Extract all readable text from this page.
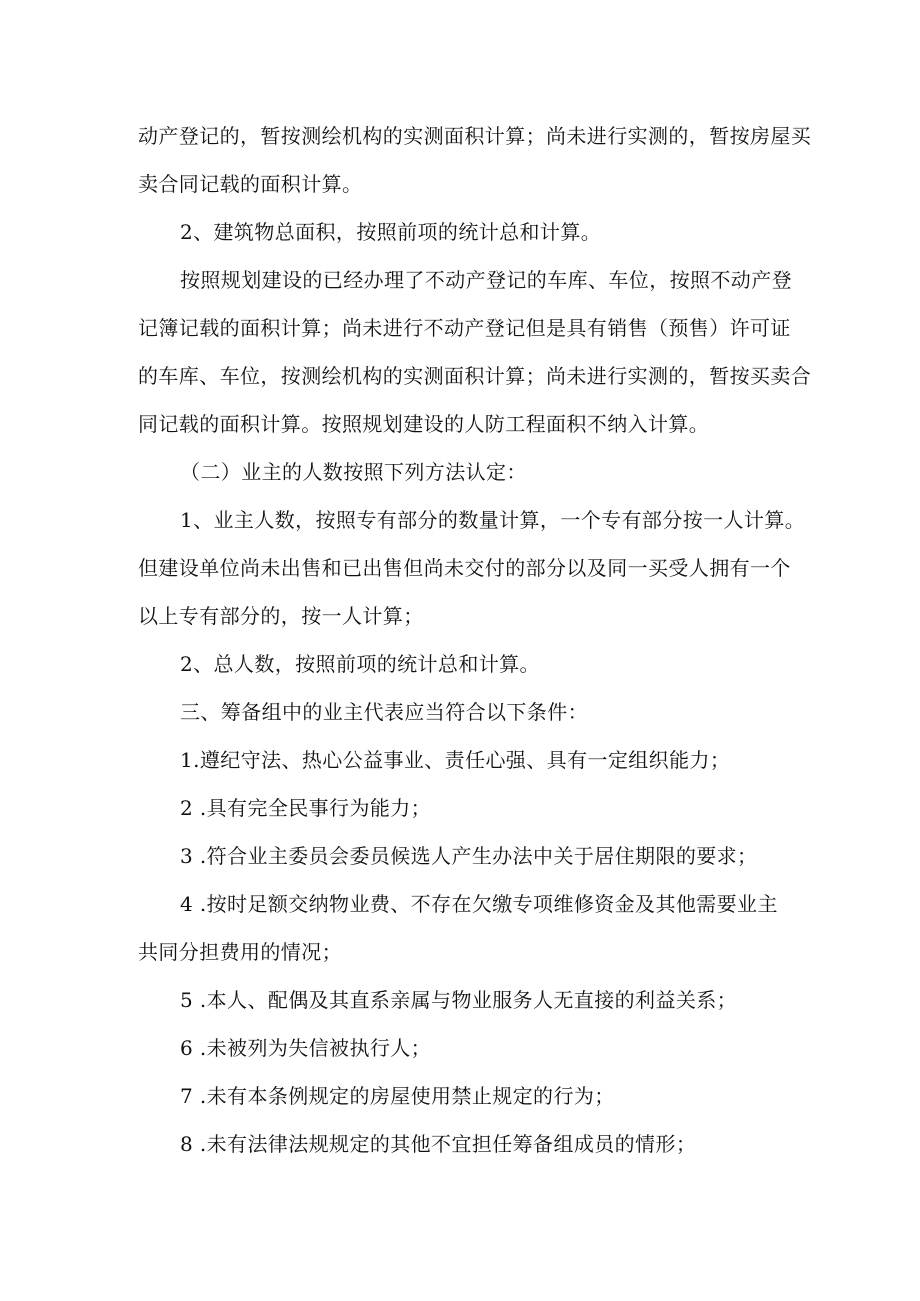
动产登记的，暂按测绘机构的实测面积计算；尚未进行实测的，暂按房屋买
卖合同记载的面积计算。
2、建筑物总面积，按照前项的统计总和计算。
按照规划建设的已经办理了不动产登记的车库、车位，按照不动产登
记簿记载的面积计算；尚未进行不动产登记但是具有销售（预售）许可证
的车库、车位，按测绘机构的实测面积计算；尚未进行实测的，暂按买卖合
同记载的面积计算。按照规划建设的人防工程面积不纳入计算。
（二）业主的人数按照下列方法认定：
1、业主人数，按照专有部分的数量计算，一个专有部分按一人计算。
但建设单位尚未出售和已出售但尚未交付的部分以及同一买受人拥有一个
以上专有部分的，按一人计算；
2、总人数，按照前项的统计总和计算。
三、筹备组中的业主代表应当符合以下条件：
1.遵纪守法、热心公益事业、责任心强、具有一定组织能力；
2 .具有完全民事行为能力；
3 .符合业主委员会委员候选人产生办法中关于居住期限的要求；
4 .按时足额交纳物业费、不存在欠缴专项维修资金及其他需要业主
共同分担费用的情况；
5 .本人、配偶及其直系亲属与物业服务人无直接的利益关系；
6 .未被列为失信被执行人；
7 .未有本条例规定的房屋使用禁止规定的行为；
8 .未有法律法规规定的其他不宜担任筹备组成员的情形；
